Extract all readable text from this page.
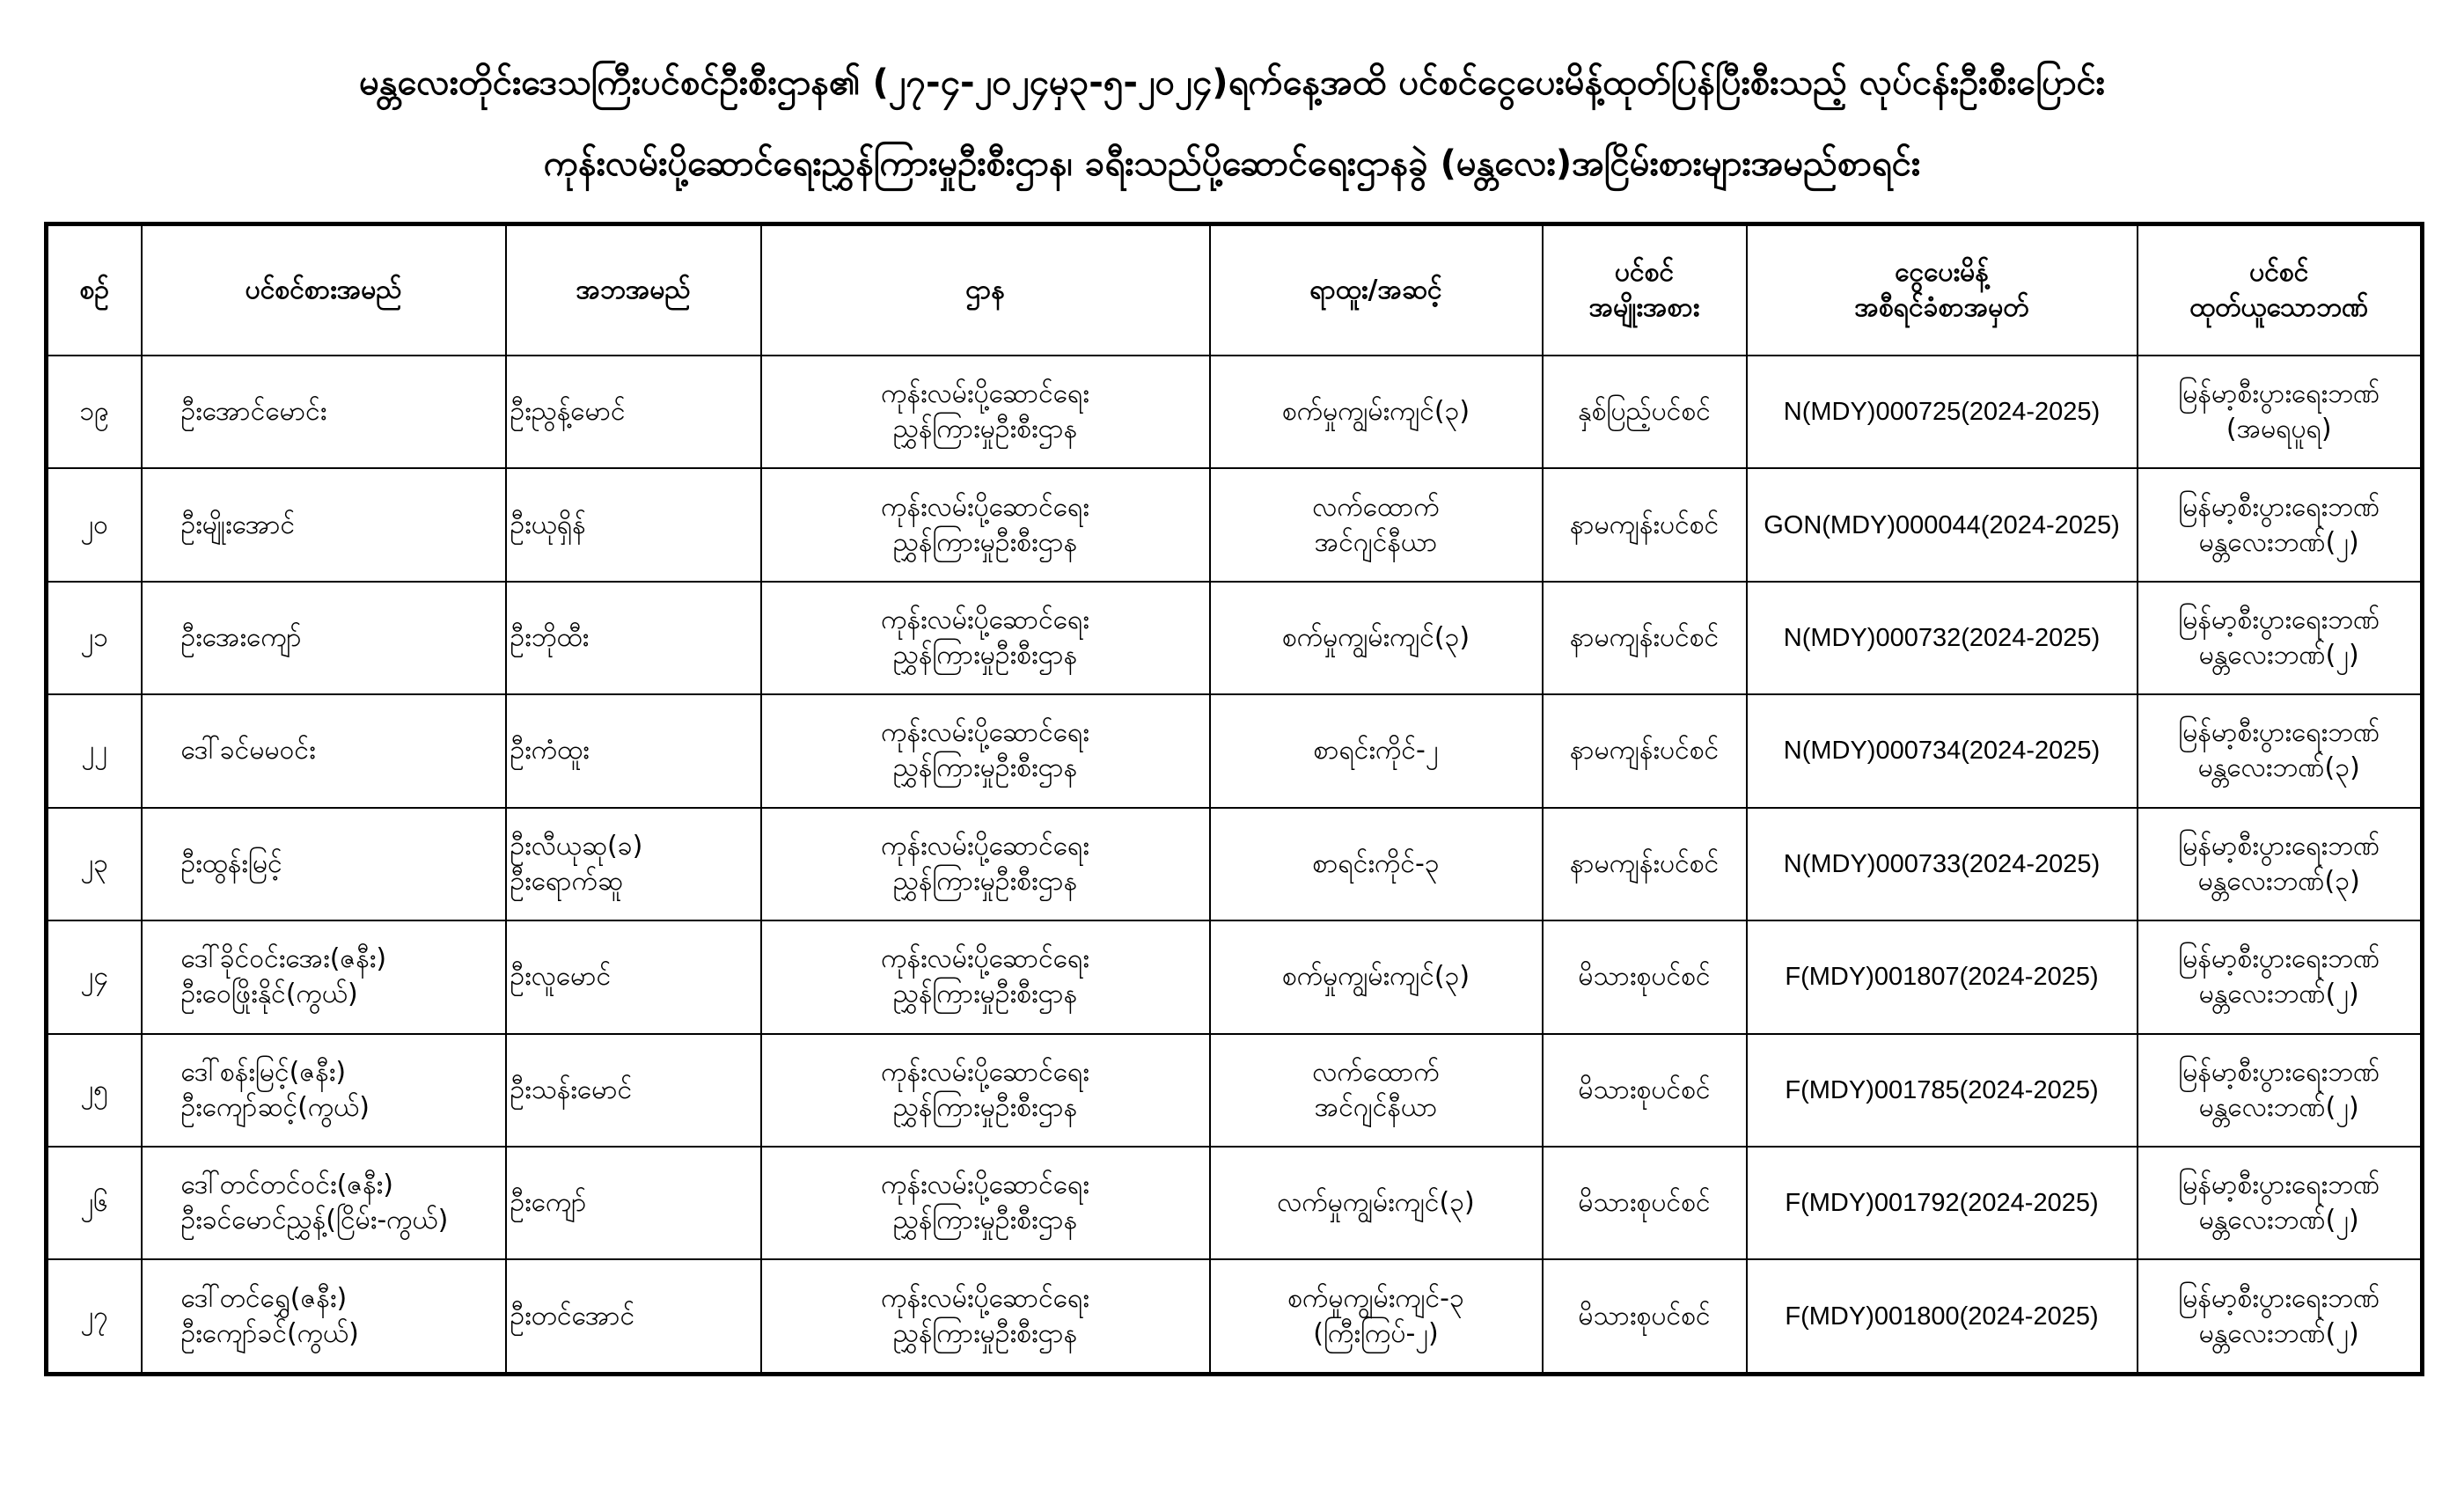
မန္တလေးတိုင်းဒေသကြီးပင်စင်ဦးစီးဌာန၏ (၂၇-၄-၂၀၂၄မှ၃-၅-၂၀၂၄)ရက်နေ့အထိ ပင်စင်ငွေပေးမိန့်ထုတ်ပြန်ပြီးစီးသည့် လုပ်ငန်းဦးစီးပြောင်း
ကုန်းလမ်းပို့ဆောင်ရေးညွှန်ကြားမှုဦးစီးဌာန၊ ခရီးသည်ပို့ဆောင်ရေးဌာနခွဲ (မန္တလေး)အငြိမ်းစားများအမည်စာရင်း
စဉ်	ပင်စင်စားအမည်	အဘအမည်	ဌာန	ရာထူး/အဆင့်	ပင်စင်
အမျိုးအစား	ငွေပေးမိန့်
အစီရင်ခံစာအမှတ်	ပင်စင်
ထုတ်ယူသောဘဏ်

၁၉	ဦးအောင်မောင်း	ဦးညွန့်မောင်	ကုန်းလမ်းပို့ဆောင်ရေး
ညွှန်ကြားမှုဦးစီးဌာန	စက်မှုကျွမ်းကျင်(၃)	နှစ်ပြည့်ပင်စင်	N(MDY)000725(2024-2025)	မြန်မာ့စီးပွားရေးဘဏ်
(အမရပူရ)

၂၀	ဦးမျိုးအောင်	ဦးယုရှိန်	ကုန်းလမ်းပို့ဆောင်ရေး
ညွှန်ကြားမှုဦးစီးဌာန	လက်ထောက်
အင်ဂျင်နီယာ	နာမကျန်းပင်စင်	GON(MDY)000044(2024-2025)	မြန်မာ့စီးပွားရေးဘဏ်
မန္တလေးဘဏ်(၂)

၂၁	ဦးအေးကျော်	ဦးဘိုထီး	ကုန်းလမ်းပို့ဆောင်ရေး
ညွှန်ကြားမှုဦးစီးဌာန	စက်မှုကျွမ်းကျင်(၃)	နာမကျန်းပင်စင်	N(MDY)000732(2024-2025)	မြန်မာ့စီးပွားရေးဘဏ်
မန္တလေးဘဏ်(၂)

၂၂	ဒေါ်ခင်မမဝင်း	ဦးကံထူး	ကုန်းလမ်းပို့ဆောင်ရေး
ညွှန်ကြားမှုဦးစီးဌာန	စာရင်းကိုင်-၂	နာမကျန်းပင်စင်	N(MDY)000734(2024-2025)	မြန်မာ့စီးပွားရေးဘဏ်
မန္တလေးဘဏ်(၃)

၂၃	ဦးထွန်းမြင့်	ဦးလီယုဆု(ခ)
ဦးရောက်ဆူ	ကုန်းလမ်းပို့ဆောင်ရေး
ညွှန်ကြားမှုဦးစီးဌာန	စာရင်းကိုင်-၃	နာမကျန်းပင်စင်	N(MDY)000733(2024-2025)	မြန်မာ့စီးပွားရေးဘဏ်
မန္တလေးဘဏ်(၃)

၂၄	ဒေါ်ခိုင်ဝင်းအေး(ဇနီး)
ဦးဝေဖြိုးနိုင်(ကွယ်)	ဦးလူမောင်	ကုန်းလမ်းပို့ဆောင်ရေး
ညွှန်ကြားမှုဦးစီးဌာန	စက်မှုကျွမ်းကျင်(၃)	မိသားစုပင်စင်	F(MDY)001807(2024-2025)	မြန်မာ့စီးပွားရေးဘဏ်
မန္တလေးဘဏ်(၂)

၂၅	ဒေါ်စန်းမြင့်(ဇနီး)
ဦးကျော်ဆင့်(ကွယ်)	ဦးသန်းမောင်	ကုန်းလမ်းပို့ဆောင်ရေး
ညွှန်ကြားမှုဦးစီးဌာန	လက်ထောက်
အင်ဂျင်နီယာ	မိသားစုပင်စင်	F(MDY)001785(2024-2025)	မြန်မာ့စီးပွားရေးဘဏ်
မန္တလေးဘဏ်(၂)

၂၆	ဒေါ်တင်တင်ဝင်း(ဇနီး)
ဦးခင်မောင်ညွှန့်(ငြိမ်း-ကွယ်)	ဦးကျော်	ကုန်းလမ်းပို့ဆောင်ရေး
ညွှန်ကြားမှုဦးစီးဌာန	လက်မှုကျွမ်းကျင်(၃)	မိသားစုပင်စင်	F(MDY)001792(2024-2025)	မြန်မာ့စီးပွားရေးဘဏ်
မန္တလေးဘဏ်(၂)

၂၇	ဒေါ်တင်ရွှေ(ဇနီး)
ဦးကျော်ခင်(ကွယ်)	ဦးတင်အောင်	ကုန်းလမ်းပို့ဆောင်ရေး
ညွှန်ကြားမှုဦးစီးဌာန	စက်မှုကျွမ်းကျင်-၃
(ကြီးကြပ်-၂)	မိသားစုပင်စင်	F(MDY)001800(2024-2025)	မြန်မာ့စီးပွားရေးဘဏ်
မန္တလေးဘဏ်(၂)
